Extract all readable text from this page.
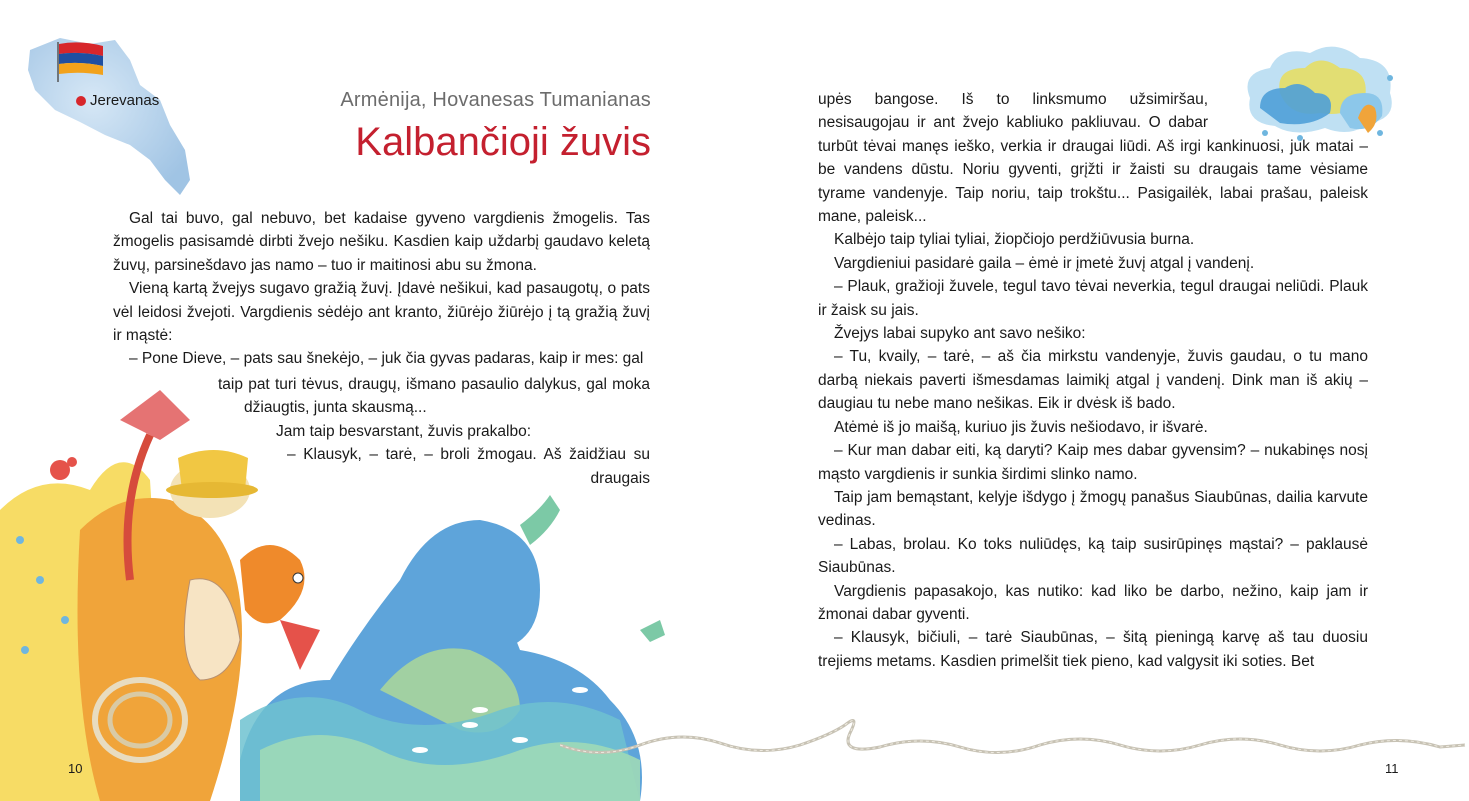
Jerevanas	Armėnija, Hovanesas Tumanianas
Kalbančioji žuvis

Gal tai buvo, gal nebuvo, bet kadaise gyveno vargdienis žmogelis. Tas žmogelis pasisamdė dirbti žvejo nešiku. Kasdien kaip uždarbį gaudavo keletą žuvų, parsinešdavo jas namo – tuo ir maitinosi abu su žmona.

Vieną kartą žvejys sugavo gražią žuvį. Įdavė nešikui, kad pasaugotų, o pats vėl leidosi žvejoti. Vargdienis sėdėjo ant kranto, žiūrėjo žiūrėjo į tą gražią žuvį ir mąstė:

– Pone Dieve, – pats sau šnekėjo, – juk čia gyvas padaras, kaip ir mes: gal

taip pat turi tėvus, draugų, išmano pasaulio dalykus, gal moka
džiaugtis, junta skausmą...
Jam taip besvarstant, žuvis prakalbo:
– Klausyk, – tarė, – broli žmogau. Aš žaidžiau su
draugais
10

upės bangose. Iš to linksmumo užsimiršau,

nesisaugojau ir ant žvejo kabliuko pakliuvau. O dabar

turbūt tėvai manęs ieško, verkia ir draugai liūdi. Aš irgi kankinuosi, juk matai – be vandens dūstu. Noriu gyventi, grįžti ir žaisti su draugais tame vėsiame tyrame vandenyje. Taip noriu, taip trokštu... Pasigailėk, labai prašau, paleisk mane, paleisk...

Kalbėjo taip tyliai tyliai, žiopčiojo perdžiūvusia burna.

Vargdieniui pasidarė gaila – ėmė ir įmetė žuvį atgal į vandenį.

– Plauk, gražioji žuvele, tegul tavo tėvai neverkia, tegul draugai neliūdi. Plauk ir žaisk su jais.

Žvejys labai supyko ant savo nešiko:

– Tu, kvaily, – tarė, – aš čia mirkstu vandenyje, žuvis gaudau, o tu mano darbą niekais paverti išmesdamas laimikį atgal į vandenį. Dink man iš akių – daugiau tu nebe mano nešikas. Eik ir dvėsk iš bado.

Atėmė iš jo maišą, kuriuo jis žuvis nešiodavo, ir išvarė.

– Kur man dabar eiti, ką daryti? Kaip mes dabar gyvensim? – nukabinęs nosį mąsto vargdienis ir sunkia širdimi slinko namo.

Taip jam bemąstant, kelyje išdygo į žmogų panašus Siaubūnas, dailia karvute vedinas.

– Labas, brolau. Ko toks nuliūdęs, ką taip susirūpinęs mąstai? – paklausė Siaubūnas.

Vargdienis papasakojo, kas nutiko: kad liko be darbo, nežino, kaip jam ir žmonai dabar gyventi.

– Klausyk, bičiuli, – tarė Siaubūnas, – šitą pieningą karvę aš tau duosiu trejiems metams. Kasdien primelšit tiek pieno, kad valgysit iki soties. Bet

11
